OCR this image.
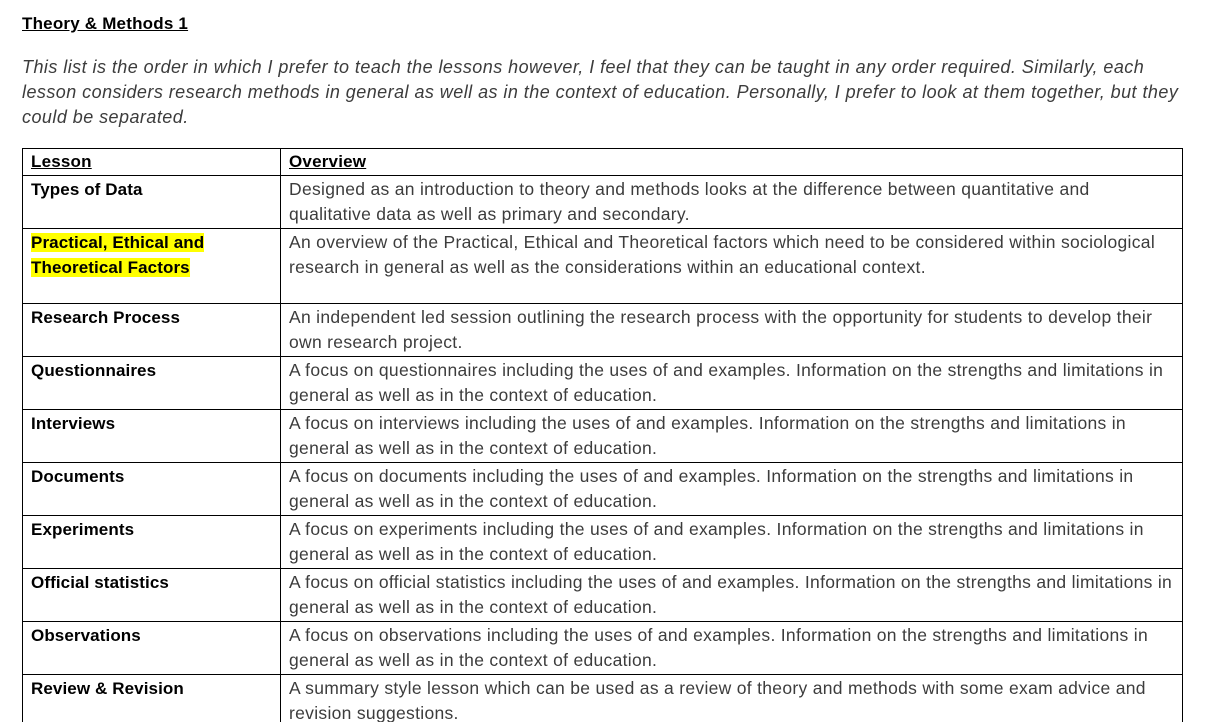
Theory & Methods 1

This list is the order in which I prefer to teach the lessons however, I feel that they can be taught in any order required. Similarly, each lesson considers research methods in general as well as in the context of education. Personally, I prefer to look at them together, but they could be separated.

Lesson	Overview
Types of Data	Designed as an introduction to theory and methods looks at the difference between quantitative and qualitative data as well as primary and secondary.
Practical, Ethical and Theoretical Factors	An overview of the Practical, Ethical and Theoretical factors which need to be considered within sociological research in general as well as the considerations within an educational context.
Research Process	An independent led session outlining the research process with the opportunity for students to develop their own research project.
Questionnaires	A focus on questionnaires including the uses of and examples. Information on the strengths and limitations in general as well as in the context of education.
Interviews	A focus on interviews including the uses of and examples. Information on the strengths and limitations in general as well as in the context of education.
Documents	A focus on documents including the uses of and examples. Information on the strengths and limitations in general as well as in the context of education.
Experiments	A focus on experiments including the uses of and examples. Information on the strengths and limitations in general as well as in the context of education.
Official statistics	A focus on official statistics including the uses of and examples. Information on the strengths and limitations in general as well as in the context of education.
Observations	A focus on observations including the uses of and examples. Information on the strengths and limitations in general as well as in the context of education.
Review & Revision	A summary style lesson which can be used as a review of theory and methods with some exam advice and revision suggestions.
